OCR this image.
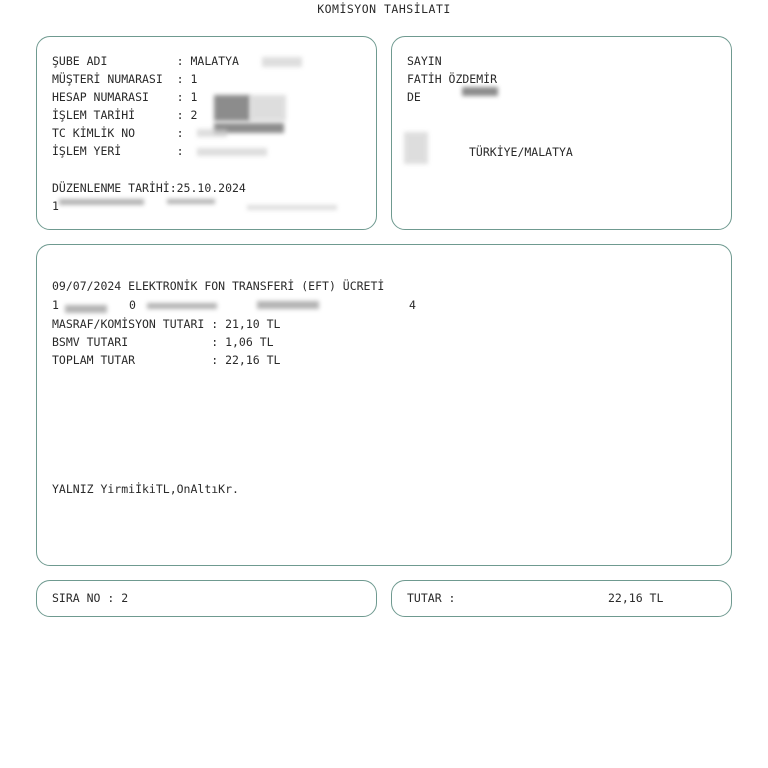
KOMİSYON TAHSİLATI
ŞUBE ADI          : MALATYA
MÜŞTERİ NUMARASI  : 1
HESAP NUMARASI    : 1
İŞLEM TARİHİ      : 2
TC KİMLİK NO      :
İŞLEM YERİ        :
DÜZENLENME TARİHİ:25.10.2024
1
SAYIN
FATİH ÖZDEMİR
DE
TÜRKİYE/MALATYA
09/07/2024 ELEKTRONİK FON TRANSFERİ (EFT) ÜCRETİ
1	0	4
MASRAF/KOMİSYON TUTARI : 21,10 TL
BSMV TUTARI            : 1,06 TL
TOPLAM TUTAR           : 22,16 TL
YALNIZ YirmiİkiTL,OnAltıKr.
SIRA NO : 2	TUTAR :	22,16 TL
